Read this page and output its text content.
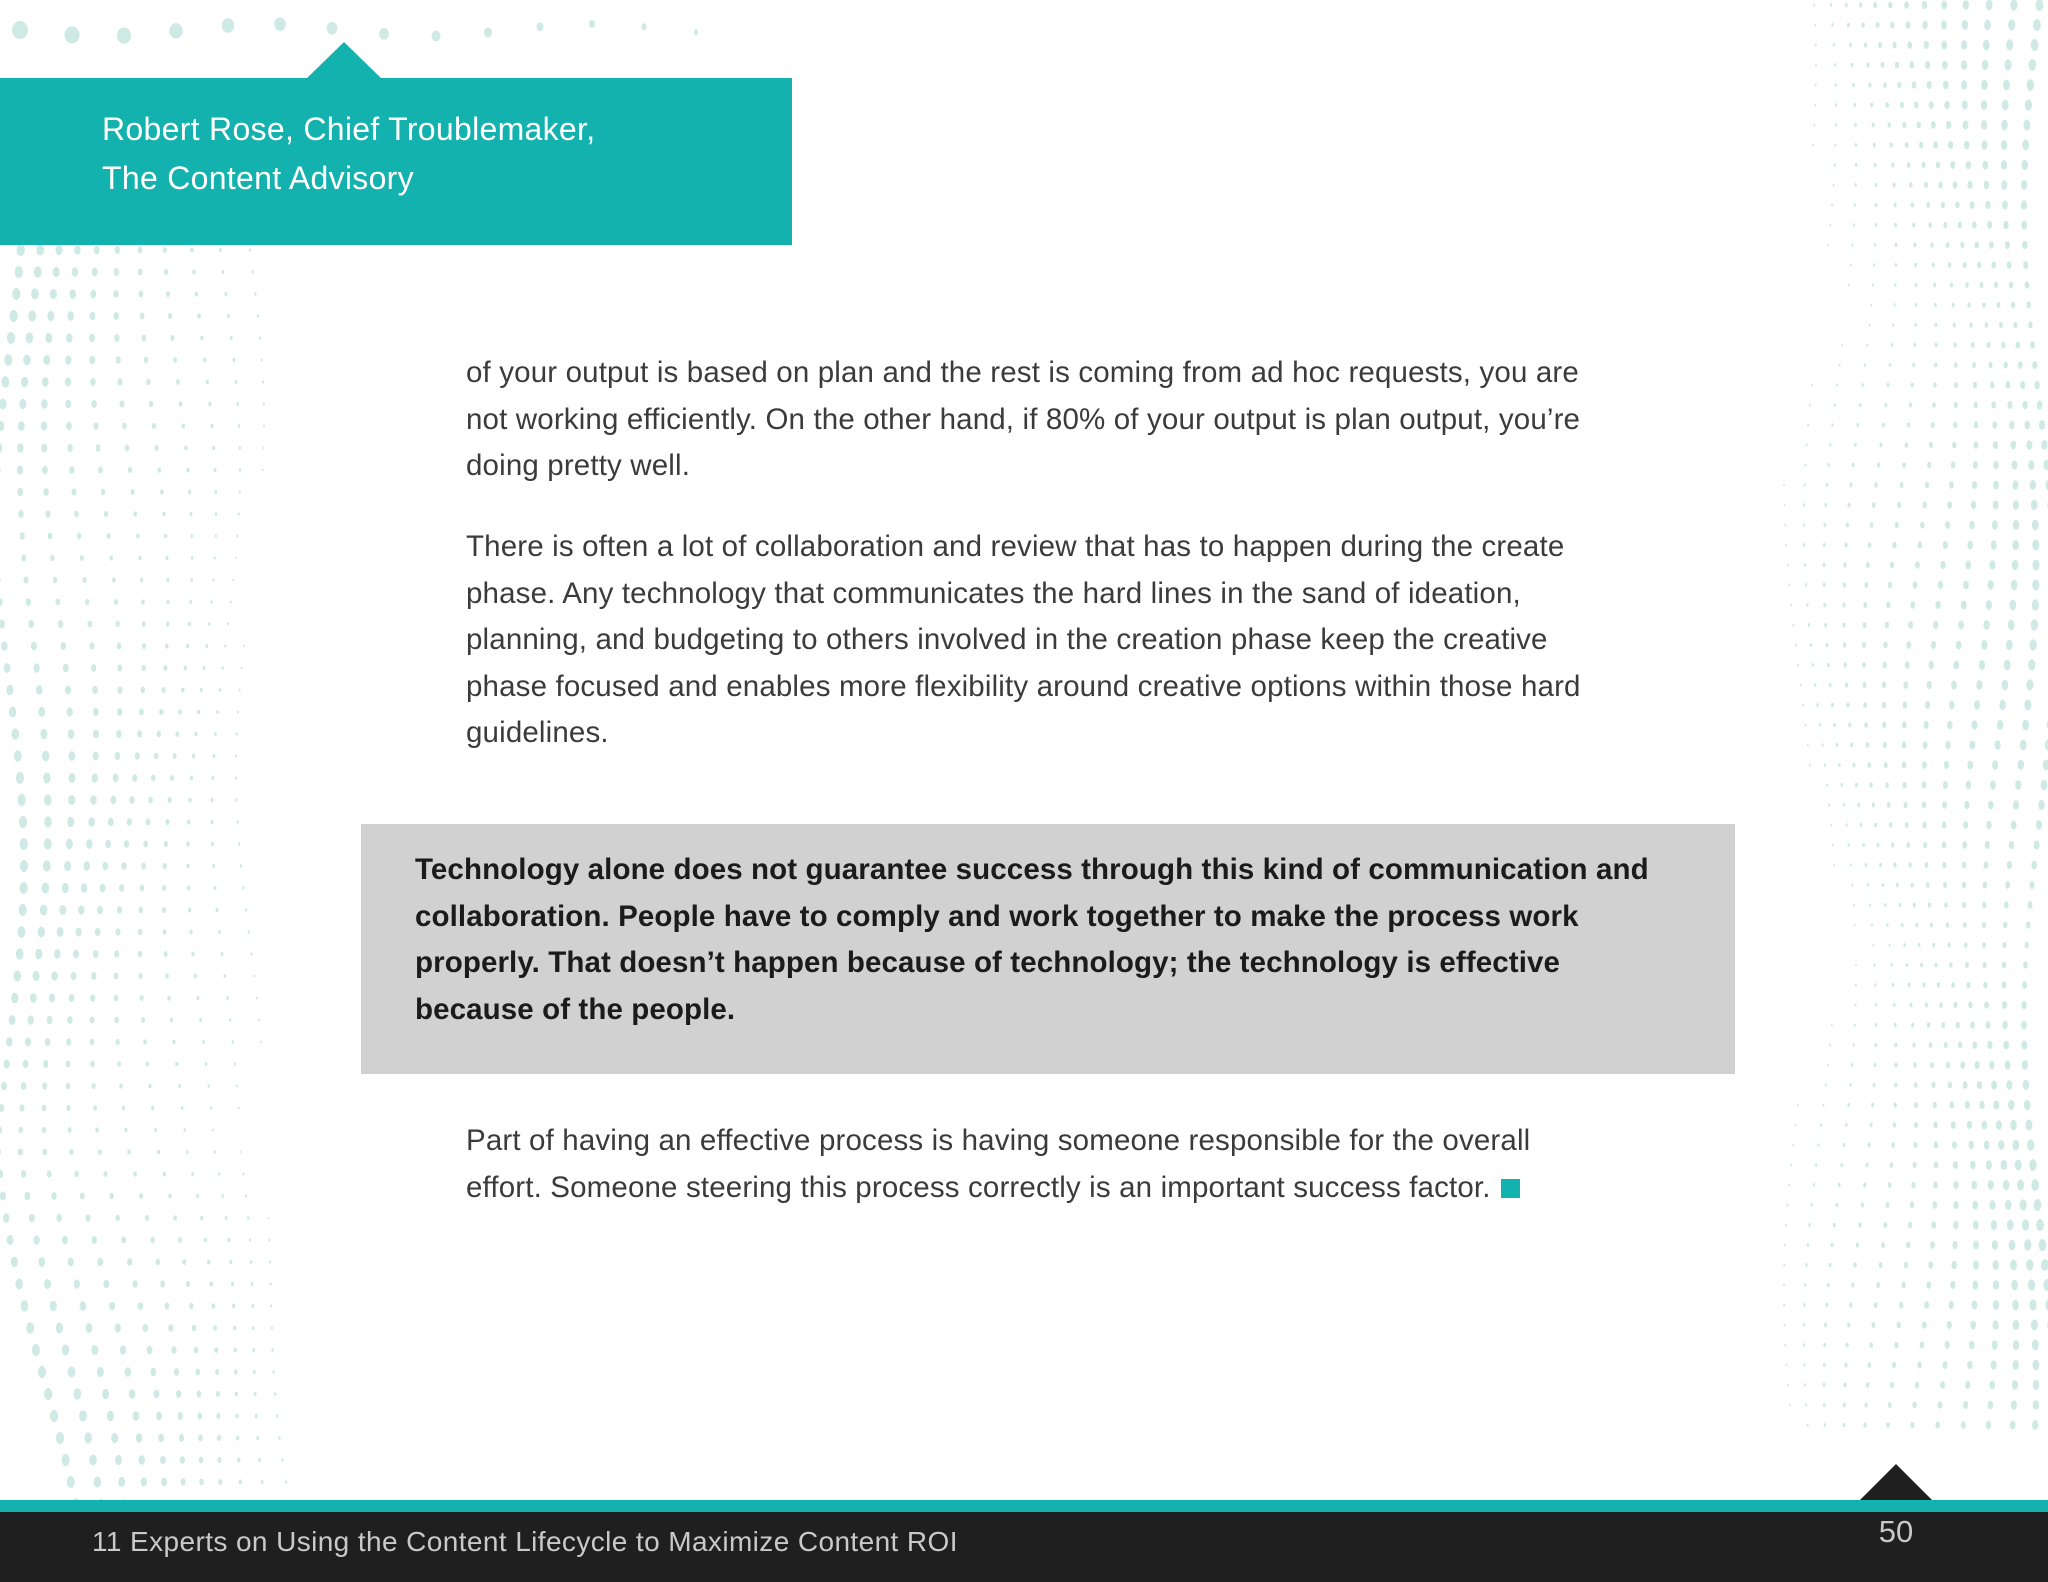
Robert Rose, Chief Troublemaker,
The Content Advisory

of your output is based on plan and the rest is coming from ad hoc requests, you are not working efficiently. On the other hand, if 80% of your output is plan output, you’re doing pretty well.

There is often a lot of collaboration and review that has to happen during the create phase. Any technology that communicates the hard lines in the sand of ideation, planning, and budgeting to others involved in the creation phase keep the creative phase focused and enables more flexibility around creative options within those hard guidelines.

Technology alone does not guarantee success through this kind of communication and collaboration. People have to comply and work together to make the process work properly. That doesn’t happen because of technology; the technology is effective because of the people.

Part of having an effective process is having someone responsible for the overall effort. Someone steering this process correctly is an important success factor.

11 Experts on Using the Content Lifecycle to Maximize Content ROI	50
